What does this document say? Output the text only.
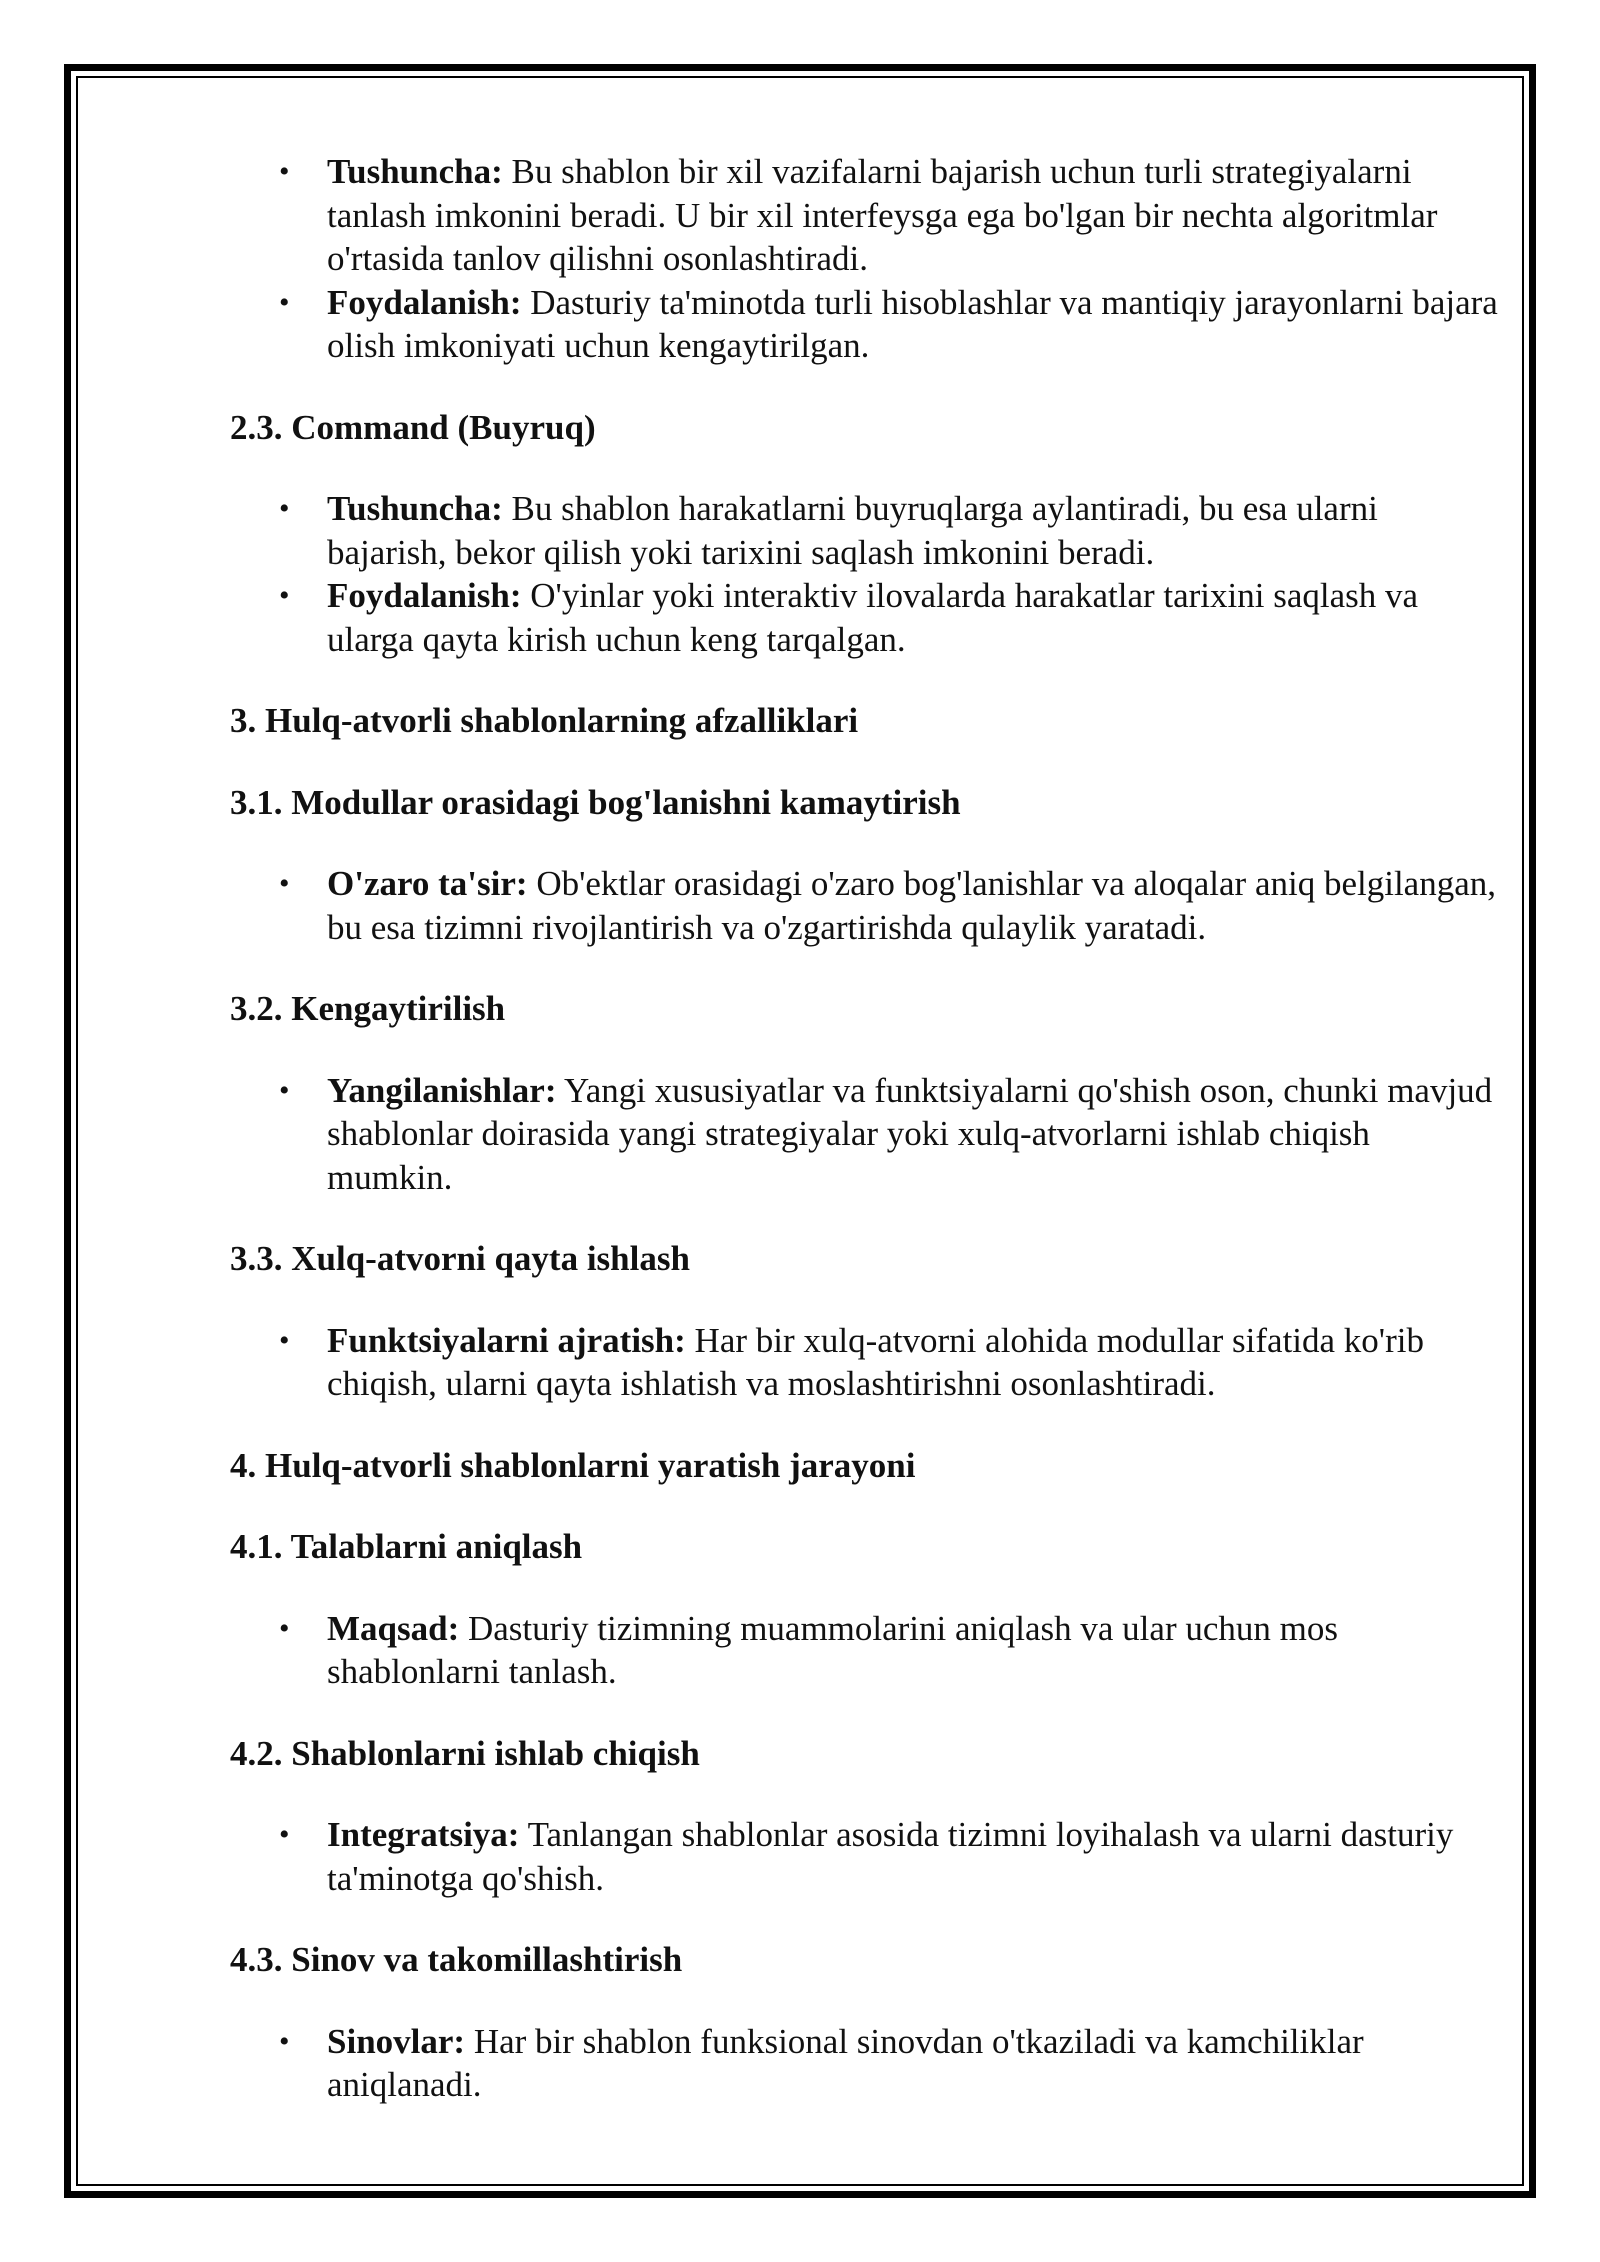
• Tushuncha: Bu shablon bir xil vazifalarni bajarish uchun turli strategiyalarni tanlash imkonini beradi. U bir xil interfeysga ega bo'lgan bir nechta algoritmlar o'rtasida tanlov qilishni osonlashtiradi.
• Foydalanish: Dasturiy ta'minotda turli hisoblashlar va mantiqiy jarayonlarni bajara olish imkoniyati uchun kengaytirilgan.
2.3. Command (Buyruq)
• Tushuncha: Bu shablon harakatlarni buyruqlarga aylantiradi, bu esa ularni bajarish, bekor qilish yoki tarixini saqlash imkonini beradi.
• Foydalanish: O'yinlar yoki interaktiv ilovalarda harakatlar tarixini saqlash va ularga qayta kirish uchun keng tarqalgan.
3. Hulq-atvorli shablonlarning afzalliklari
3.1. Modullar orasidagi bog'lanishni kamaytirish
• O'zaro ta'sir: Ob'ektlar orasidagi o'zaro bog'lanishlar va aloqalar aniq belgilangan, bu esa tizimni rivojlantirish va o'zgartirishda qulaylik yaratadi.
3.2. Kengaytirilish
• Yangilanishlar: Yangi xususiyatlar va funktsiyalarni qo'shish oson, chunki mavjud shablonlar doirasida yangi strategiyalar yoki xulq-atvorlarni ishlab chiqish mumkin.
3.3. Xulq-atvorni qayta ishlash
• Funktsiyalarni ajratish: Har bir xulq-atvorni alohida modullar sifatida ko'rib chiqish, ularni qayta ishlatish va moslashtirishni osonlashtiradi.
4. Hulq-atvorli shablonlarni yaratish jarayoni
4.1. Talablarni aniqlash
• Maqsad: Dasturiy tizimning muammolarini aniqlash va ular uchun mos shablonlarni tanlash.
4.2. Shablonlarni ishlab chiqish
• Integratsiya: Tanlangan shablonlar asosida tizimni loyihalash va ularni dasturiy ta'minotga qo'shish.
4.3. Sinov va takomillashtirish
• Sinovlar: Har bir shablon funksional sinovdan o'tkaziladi va kamchiliklar aniqlanadi.
